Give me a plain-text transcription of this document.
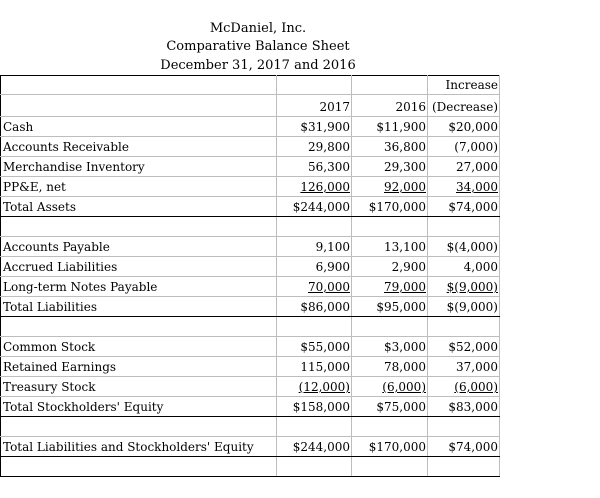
McDaniel, Inc.
Comparative Balance Sheet
December 31, 2017 and 2016
			Increase
	2017	2016	(Decrease)
Cash	$31,900	$11,900	$20,000
Accounts Receivable	29,800	36,800	(7,000)
Merchandise Inventory	56,300	29,300	27,000
PP&E, net	126,000	92,000	34,000
Total Assets	$244,000	$170,000	$74,000

Accounts Payable	9,100	13,100	$(4,000)
Accrued Liabilities	6,900	2,900	4,000
Long-term Notes Payable	70,000	79,000	$(9,000)
Total Liabilities	$86,000	$95,000	$(9,000)

Common Stock	$55,000	$3,000	$52,000
Retained Earnings	115,000	78,000	37,000
Treasury Stock	(12,000)	(6,000)	(6,000)
Total Stockholders' Equity	$158,000	$75,000	$83,000

Total Liabilities and Stockholders' Equity	$244,000	$170,000	$74,000
